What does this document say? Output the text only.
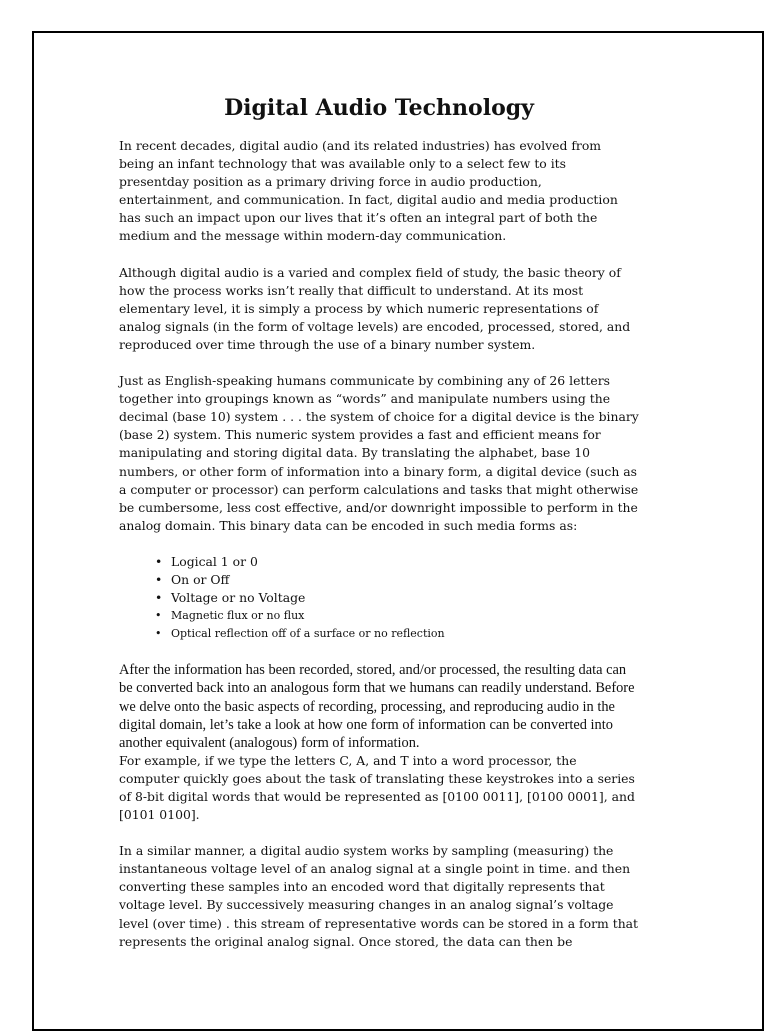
Digital Audio Technology

In recent decades, digital audio (and its related industries) has evolved from being an infant technology that was available only to a select few to its presentday position as a primary driving force in audio production, entertainment, and communication. In fact, digital audio and media production has such an impact upon our lives that it’s often an integral part of both the medium and the message within modern-day communication.

Although digital audio is a varied and complex field of study, the basic theory of how the process works isn’t really that difficult to understand. At its most elementary level, it is simply a process by which numeric representations of analog signals (in the form of voltage levels) are encoded, processed, stored, and reproduced over time through the use of a binary number system.

Just as English-speaking humans communicate by combining any of 26 letters together into groupings known as “words” and manipulate numbers using the decimal (base 10) system . . . the system of choice for a digital device is the binary (base 2) system. This numeric system provides a fast and efficient means for manipulating and storing digital data. By translating the alphabet, base 10 numbers, or other form of information into a binary form, a digital device (such as a computer or processor) can perform calculations and tasks that might otherwise be cumbersome, less cost effective, and/or downright impossible to perform in the analog domain. This binary data can be encoded in such media forms as:

• Logical 1 or 0
• On or Off
• Voltage or no Voltage
• Magnetic flux or no flux
• Optical reflection off of a surface or no reflection

After the information has been recorded, stored, and/or processed, the resulting data can be converted back into an analogous form that we humans can readily understand. Before we delve onto the basic aspects of recording, processing, and reproducing audio in the digital domain, let’s take a look at how one form of information can be converted into another equivalent (analogous) form of information.

For example, if we type the letters C, A, and T into a word processor, the computer quickly goes about the task of translating these keystrokes into a series of 8-bit digital words that would be represented as [0100 0011], [0100 0001], and [0101 0100].

In a similar manner, a digital audio system works by sampling (measuring) the instantaneous voltage level of an analog signal at a single point in time. and then converting these samples into an encoded word that digitally represents that voltage level. By successively measuring changes in an analog signal’s voltage level (over time) . this stream of representative words can be stored in a form that represents the original analog signal. Once stored, the data can then be
